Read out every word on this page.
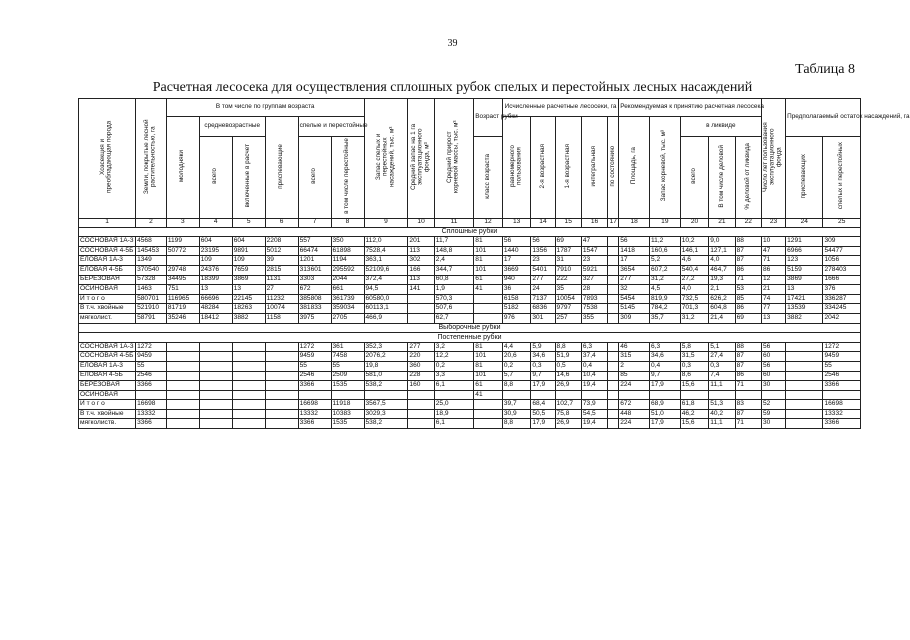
39
Таблица 8
Расчетная лесосека для осуществления сплошных рубок спелых и перестойных лесных насаждений
Хозсекция и преобладающая порода	Земли, покрытые лесной растительностью, га	В том числе по группам возраста						Запас спелых и перестойных насаждений, тыс. м³	Средний запас на 1 га эксплуатационного фонда, м³	Средний прирост корневой массы, тыс. м³	Возраст рубки	Исчисленные расчетные лесосеки, га					Рекомендуемая к принятию расчетная лесосека					Число лет пользования эксплуатационного фонда	Предполагаемый остаток насаждений, га	
		молодняки	средневозрастные		приспевающие	спелые и перестойные						равномерного пользования	2-я возрастная	1-я возрастная	интегральная	по состоянию	Площадь, га	Запас корневой, тыс. м³	в ликвиде					
			всего	включенные в расчет		всего	в том числе перестойные				класс возраста								всего	В том числе деловой	% деловой от ликвида		приспевающих	спелых и перестойных
1	2	3	4	5	6	7	8	9	10	11	12	13	14	15	16	17	18	19	20	21	22	23	24	25
Сплошные рубки																								
СОСНОВАЯ 1А-3	4568	1199	604	604	2208	557	350	112,0	201	11,7	81	56	56	69	47		56	11,2	10,2	9,0	88	10	1291	309
СОСНОВАЯ 4-5Б	145453	50772	23195	9891	5012	66474	61898	7528,4	113	148,8	101	1440	1356	1787	1547		1418	160,6	146,1	127,1	87	47	6966	54477
ЕЛОВАЯ 1А-3	1349		109	109	39	1201	1194	363,1	302	2,4	81	17	23	31	23		17	5,2	4,6	4,0	87	71	123	1056
ЕЛОВАЯ 4-5Б	370540	29748	24376	7659	2815	313601	295592	52109,6	166	344,7	101	3669	5401	7910	5921		3654	607,2	540,4	464,7	86	86	5159	278403
БЕРЕЗОВАЯ	57328	34495	18399	3869	1131	3303	2044	372,4	113	60,8	61	940	277	222	327		277	31,2	27,2	19,3	71	12	3869	1666
ОСИНОВАЯ	1463	751	13	13	27	672	661	94,5	141	1,9	41	36	24	35	28		32	4,5	4,0	2,1	53	21	13	376
И т о г о	580701	116965	66696	22145	11232	385808	361739	60580,0		570,3		6158	7137	10054	7893		5454	819,9	732,5	626,2	85	74	17421	336287
В т.ч. хвойные	521910	81719	48284	18263	10074	381833	359034	60113,1		507,6		5182	6836	9797	7538		5145	784,2	701,3	604,8	86	77	13539	334245
мягколист.	58791	35246	18412	3882	1158	3975	2705	466,9		62,7		976	301	257	355		309	35,7	31,2	21,4	69	13	3882	2042
Выборочные рубки																								
Постепенные рубки																								
СОСНОВАЯ 1А-3	1272					1272	361	352,3	277	3,2	81	4,4	5,9	8,8	6,3		46	6,3	5,8	5,1	88	56		1272
СОСНОВАЯ 4-5Б	9459					9459	7458	2076,2	220	12,2	101	20,6	34,6	51,9	37,4		315	34,6	31,5	27,4	87	60		9459
ЕЛОВАЯ 1А-3	55					55	55	19,8	360	0,2	81	0,2	0,3	0,5	0,4		2	0,4	0,3	0,3	87	56		55
ЕЛОВАЯ 4-5Б	2546					2546	2509	581,0	228	3,3	101	5,7	9,7	14,6	10,4		85	9,7	8,6	7,4	86	60		2546
БЕРЕЗОВАЯ	3366					3366	1535	538,2	160	6,1	61	8,8	17,9	26,9	19,4		224	17,9	15,6	11,1	71	30		3366
ОСИНОВАЯ											41													
И т о г о	16698					16698	11918	3567,5		25,0		39,7	68,4	102,7	73,9		672	68,9	61,8	51,3	83	52		16698
В т.ч. хвойные	13332					13332	10383	3029,3		18,9		30,9	50,5	75,8	54,5		448	51,0	46,2	40,2	87	59		13332
мягколиств.	3366					3366	1535	538,2		6,1		8,8	17,9	26,9	19,4		224	17,9	15,6	11,1	71	30		3366
